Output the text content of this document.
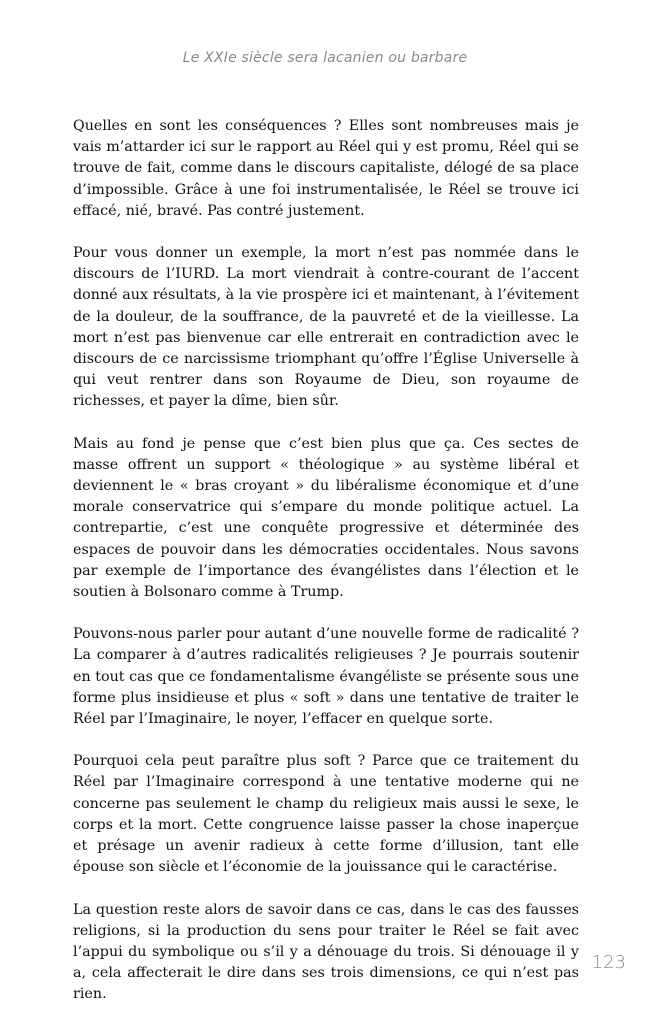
Le XXIe siècle sera lacanien ou barbare

Quelles en sont les conséquences ? Elles sont nombreuses mais je vais m’attarder ici sur le rapport au Réel qui y est promu, Réel qui se trouve de fait, comme dans le discours capitaliste, délogé de sa place d’impossible. Grâce à une foi instrumentalisée, le Réel se trouve ici effacé, nié, bravé. Pas contré justement.

Pour vous donner un exemple, la mort n’est pas nommée dans le discours de l’IURD. La mort viendrait à contre-courant de l’accent donné aux résultats, à la vie prospère ici et maintenant, à l’évitement de la douleur, de la souffrance, de la pauvreté et de la vieillesse. La mort n’est pas bienvenue car elle entrerait en contradiction avec le discours de ce narcissisme triomphant qu’offre l’Église Universelle à qui veut rentrer dans son Royaume de Dieu, son royaume de richesses, et payer la dîme, bien sûr.

Mais au fond je pense que c’est bien plus que ça. Ces sectes de masse offrent un support « théologique » au système libéral et deviennent le « bras croyant » du libéralisme économique et d’une morale conservatrice qui s’empare du monde politique actuel. La contrepartie, c’est une conquête progressive et déterminée des espaces de pouvoir dans les démocraties occidentales. Nous savons par exemple de l’importance des évangélistes dans l’élection et le soutien à Bolsonaro comme à Trump.

Pouvons-nous parler pour autant d’une nouvelle forme de radicalité ? La comparer à d’autres radicalités religieuses ? Je pourrais soutenir en tout cas que ce fondamentalisme évangéliste se présente sous une forme plus insidieuse et plus « soft » dans une tentative de traiter le Réel par l’Imaginaire, le noyer, l’effacer en quelque sorte.

Pourquoi cela peut paraître plus soft ? Parce que ce traitement du Réel par l’Imaginaire correspond à une tentative moderne qui ne concerne pas seulement le champ du religieux mais aussi le sexe, le corps et la mort. Cette congruence laisse passer la chose inaperçue et présage un avenir radieux à cette forme d’illusion, tant elle épouse son siècle et l’économie de la jouissance qui le caractérise.

La question reste alors de savoir dans ce cas, dans le cas des fausses religions, si la production du sens pour traiter le Réel se fait avec l’appui du symbolique ou s’il y a dénouage du trois. Si dénouage il y a, cela affecterait le dire dans ses trois dimensions, ce qui n’est pas rien.

123
